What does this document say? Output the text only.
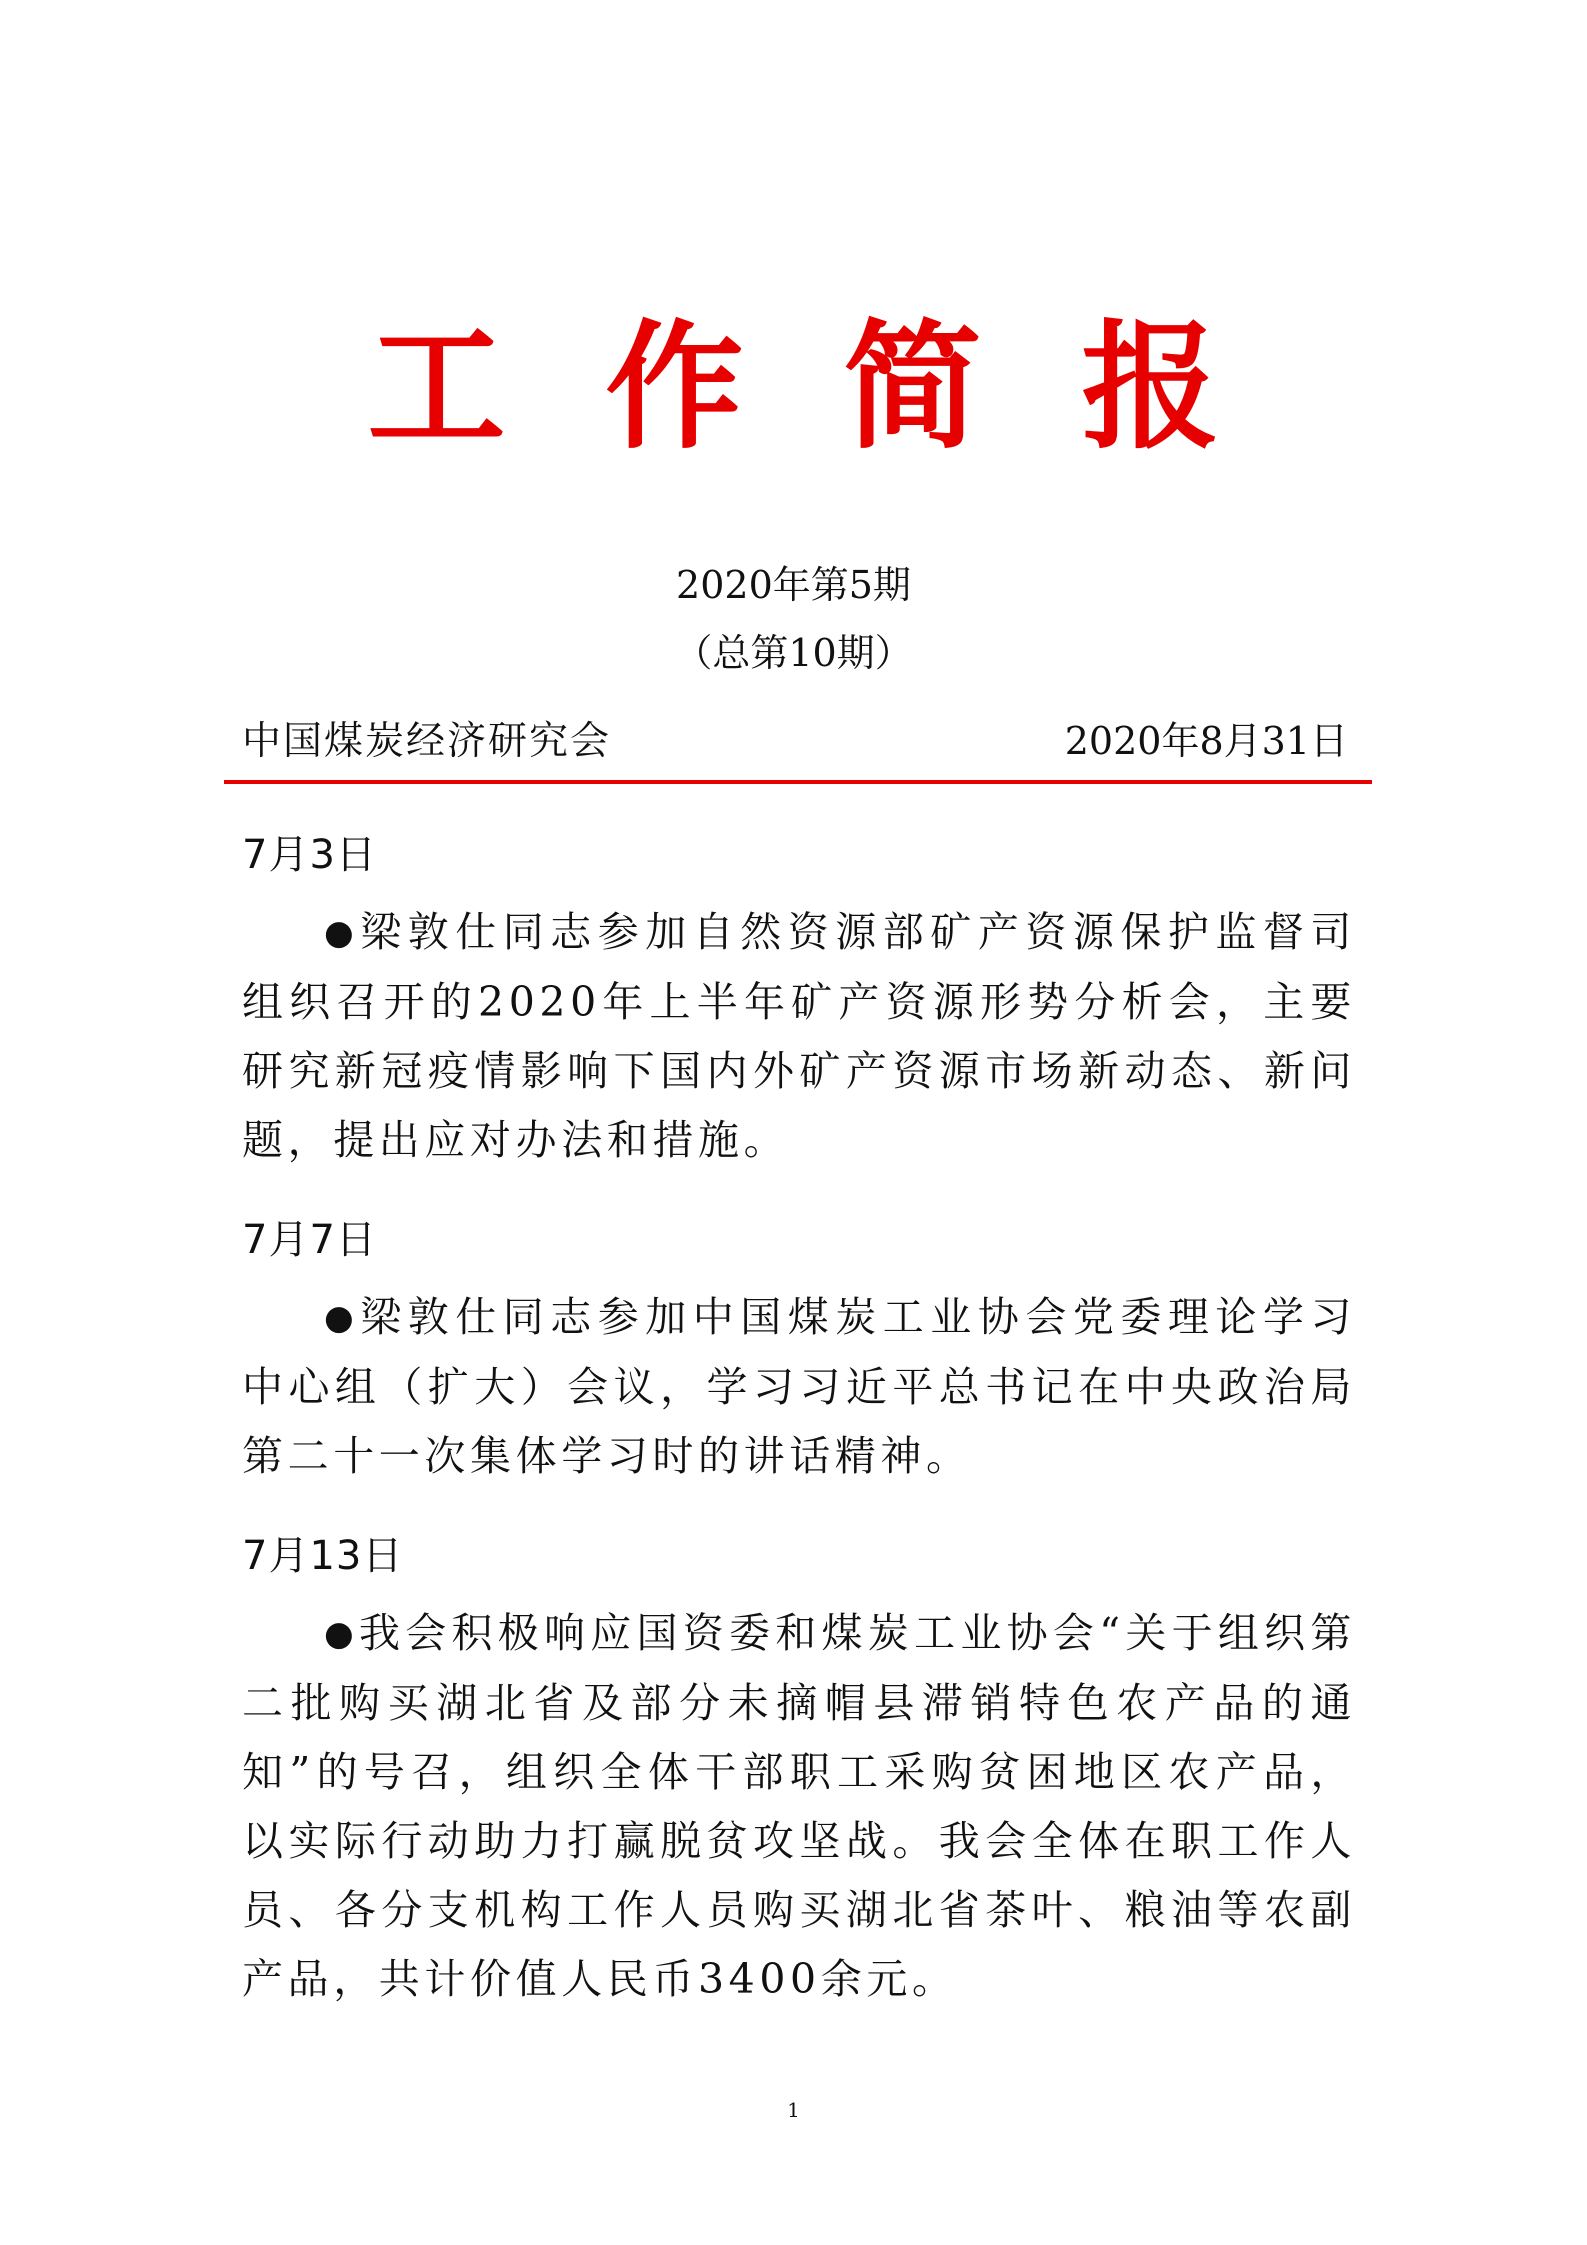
工作简报
2020年第5期
（总第10期）
中国煤炭经济研究会	2020年8月31日
7月3日

●梁敦仕同志参加自然资源部矿产资源保护监督司组织召开的2020年上半年矿产资源形势分析会，主要研究新冠疫情影响下国内外矿产资源市场新动态、新问题，提出应对办法和措施。

7月7日

●梁敦仕同志参加中国煤炭工业协会党委理论学习中心组（扩大）会议，学习习近平总书记在中央政治局第二十一次集体学习时的讲话精神。

7月13日

●我会积极响应国资委和煤炭工业协会“关于组织第二批购买湖北省及部分未摘帽县滞销特色农产品的通知”的号召，组织全体干部职工采购贫困地区农产品，以实际行动助力打赢脱贫攻坚战。我会全体在职工作人员、各分支机构工作人员购买湖北省茶叶、粮油等农副产品，共计价值人民币3400余元。

1
